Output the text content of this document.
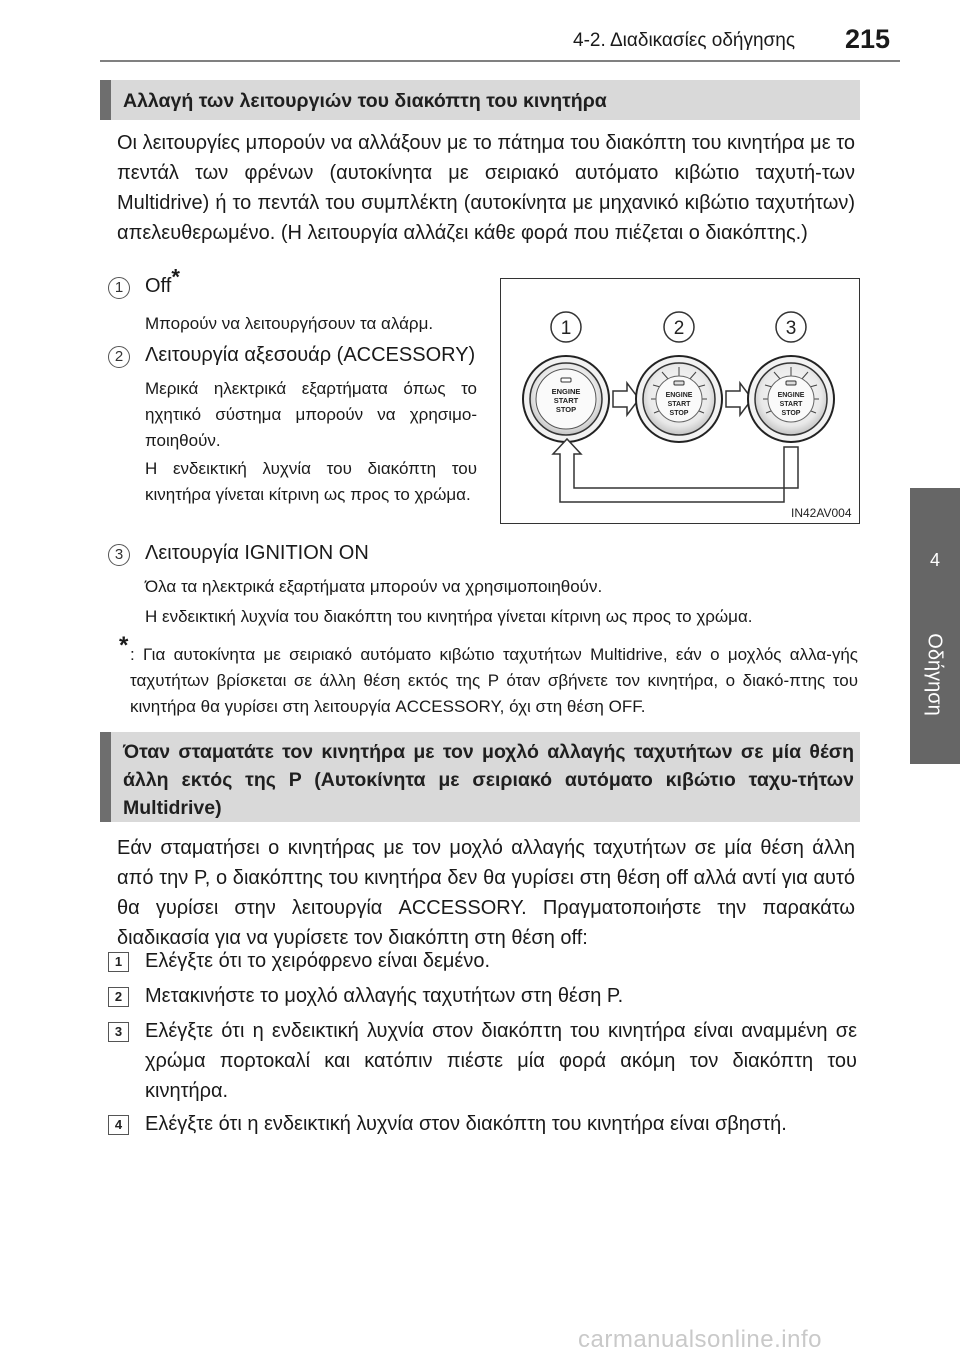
4-2. Διαδικασίες οδήγησης	215
4
Οδήγηση
Αλλαγή των λειτουργιών του διακόπτη του κινητήρα
Οι λειτουργίες μπορούν να αλλάξουν με το πάτημα του διακόπτη του κινητήρα με το πεντάλ των φρένων (αυτοκίνητα με σειριακό αυτόματο κιβώτιο ταχυτή-των Multidrive) ή το πεντάλ του συμπλέκτη (αυτοκίνητα με μηχανικό κιβώτιο ταχυτήτων) απελευθερωμένο. (Η λειτουργία αλλάζει κάθε φορά που πιέζεται ο διακόπτης.)
1	Off*
Μπορούν να λειτουργήσουν τα αλάρμ.
2	Λειτουργία αξεσουάρ (ACCESSORY)
Μερικά ηλεκτρικά εξαρτήματα όπως το ηχητικό σύστημα μπορούν να χρησιμο-ποιηθούν.
Η ενδεικτική λυχνία του διακόπτη του κινητήρα γίνεται κίτρινη ως προς το χρώμα.
3	Λειτουργία IGNITION ON
Όλα τα ηλεκτρικά εξαρτήματα μπορούν να χρησιμοποιηθούν.
Η ενδεικτική λυχνία του διακόπτη του κινητήρα γίνεται κίτρινη ως προς το χρώμα.
* : Για αυτοκίνητα με σειριακό αυτόματο κιβώτιο ταχυτήτων Multidrive, εάν ο μοχλός αλλα-γής ταχυτήτων βρίσκεται σε άλλη θέση εκτός της P όταν σβήνετε τον κινητήρα, ο διακό-πτης του κινητήρα θα γυρίσει στη λειτουργία ACCESSORY, όχι στη θέση OFF.
1	2	3
ENGINE
START
STOP
ENGINE
START
STOP
ENGINE
START
STOP
IN42AV004
Όταν σταματάτε τον κινητήρα με τον μοχλό αλλαγής ταχυτήτων σε μία θέση άλλη εκτός της P (Αυτοκίνητα με σειριακό αυτόματο κιβώτιο ταχυ-τήτων Multidrive)
Εάν σταματήσει ο κινητήρας με τον μοχλό αλλαγής ταχυτήτων σε μία θέση άλλη από την P, ο διακόπτης του κινητήρα δεν θα γυρίσει στη θέση off αλλά αντί για αυτό θα γυρίσει στην λειτουργία ACCESSORY. Πραγματοποιήστε την παρακάτω διαδικασία για να γυρίσετε τον διακόπτη στη θέση off:
1	Ελέγξτε ότι το χειρόφρενο είναι δεμένο.
2	Μετακινήστε το μοχλό αλλαγής ταχυτήτων στη θέση P.
3	Ελέγξτε ότι η ενδεικτική λυχνία στον διακόπτη του κινητήρα είναι αναμμένη σε χρώμα πορτοκαλί και κατόπιν πιέστε μία φορά ακόμη τον διακόπτη του κινητήρα.
4	Ελέγξτε ότι η ενδεικτική λυχνία στον διακόπτη του κινητήρα είναι σβηστή.
carmanualsonline.info
